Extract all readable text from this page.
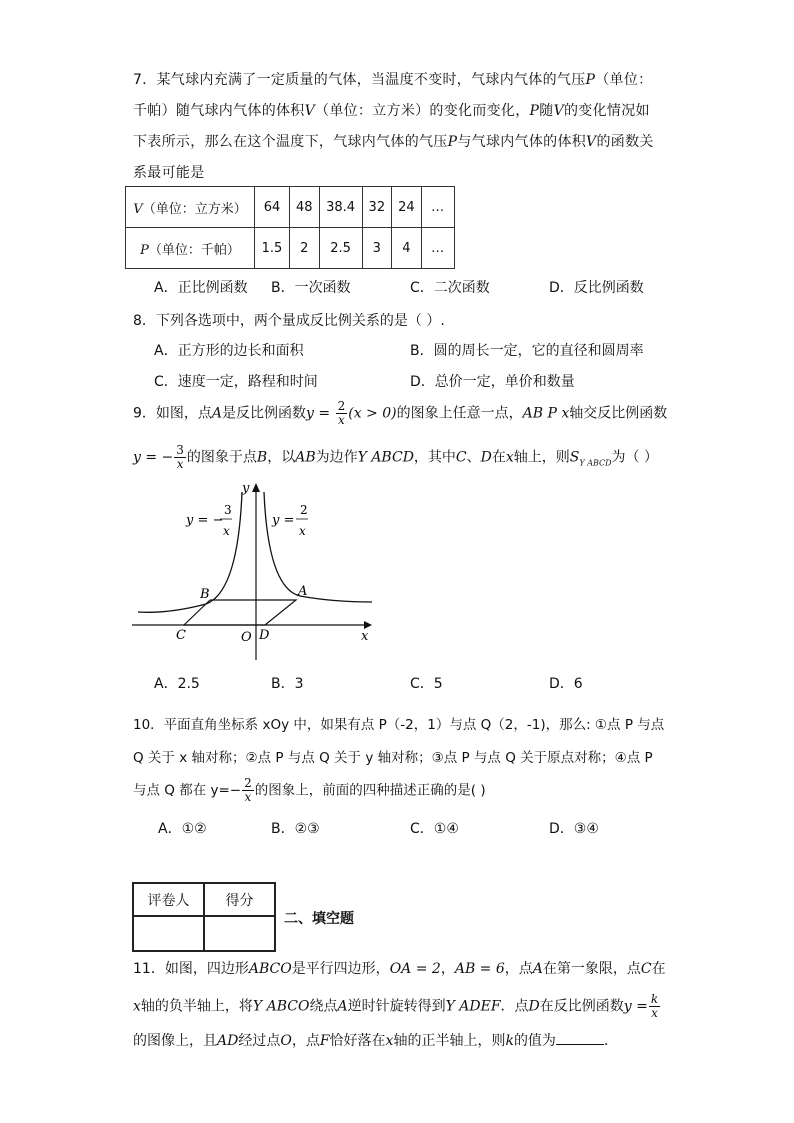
7．某气球内充满了一定质量的气体，当温度不变时，气球内气体的气压P（单位：千帕）随气球内气体的体积V（单位：立方米）的变化而变化，P随V的变化情况如下表所示，那么在这个温度下，气球内气体的气压P与气球内气体的体积V的函数关系最可能是
V（单位：立方米）	64	48	38.4	32	24	…
P（单位：千帕）	1.5	2	2.5	3	4	…
A．正比例函数 B．一次函数	C．二次函数	D．反比例函数
8．下列各选项中，两个量成反比例关系的是（ ）.
A．正方形的边长和面积	B．圆的周长一定，它的直径和圆周率
C．速度一定，路程和时间	D．总价一定，单价和数量
9．如图，点A是反比例函数$y = \frac{2}{x} (x > 0)$的图象上任意一点，AB P x轴交反比例函数
y = − $\frac{3}{x}$ 的图象于点B，以AB为边作Y ABCD，其中C、D在x轴上，则$S_{Y ABCD}$为（ ）
y = −
3
x
y =
2
x
y
x
A
B
C	D
O
A．2.5	B．3	C．5	D．6
10．平面直角坐标系 xOy 中，如果有点 P（-2，1）与点 Q（2，-1)，那么: ①点 P 与点
Q 关于 x 轴对称；②点 P 与点 Q 关于 y 轴对称；③点 P 与点 Q 关于原点对称；④点 P
与点 Q 都在 $y=- \frac{2}{x}$ 的图象上，前面的四种描述正确的是( )
A．①②	B．②③	C．①④	D．③④
评卷人	得分

二、填空题
11．如图，四边形ABCO是平行四边形，OA = 2，AB = 6，点A在第一象限，点C在
x轴的负半轴上，将Y ABCO绕点A逆时针旋转得到Y ADEF．点D在反比例函数$y = \frac{k}{x}$
的图像上，且AD经过点O，点F恰好落在x轴的正半轴上，则k的值为	．
